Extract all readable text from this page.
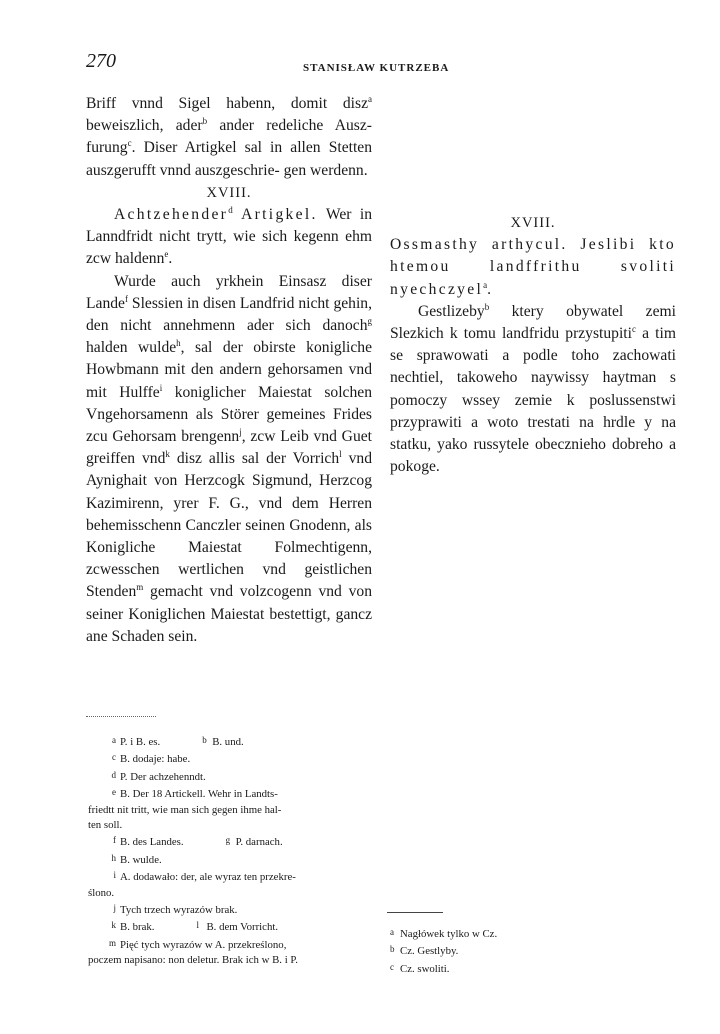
270	STANISŁAW KUTRZEBA

Briff vnnd Sigel habenn, domit disz$^a$ beweiszlich, ader$^b$ ander redeliche Ausz- furung$^c$. Diser Artigkel sal in allen Stetten auszgerufft vnnd auszgeschrie- gen werdenn.

XVIII.

Achtzehender$^d$ Artigkel. Wer in Lanndfridt nicht trytt, wie sich kegenn ehm zcw haldenn$^e$.

Wurde auch yrkhein Einsasz diser Lande$^f$ Slessien in disen Landfrid nicht gehin, den nicht annehmenn ader sich danoch$^g$ halden wulde$^h$, sal der obirste konigliche Howbmann mit den andern gehorsamen vnd mit Hulffe$^i$ koniglicher Maiestat solchen Vngehorsamenn als Störer gemeines Frides zcu Gehorsam brengenn$^j$, zcw Leib vnd Guet greiffen vnd$^k$ disz allis sal der Vorrich$^l$ vnd Aynighait von Herzcogk Sigmund, Herzcog Kazimirenn, yrer F. G., vnd dem Herren behemisschenn Canczler seinen Gnodenn, als Konigliche Maiestat Folmechtigenn, zcwesschen wertlichen vnd geistlichen Stenden$^m$ gemacht vnd volzcogenn vnd von seiner Koniglichen Maiestat bestettigt, gancz ane Schaden sein.

XVIII.

Ossmasthy arthycul. Jeslibi kto htemou landffrithu svoliti nyechczyel$^a$.

Gestlizeby$^b$ ktery obywatel zemi Slezkich k tomu landfridu przystupiti$^c$ a tim se sprawowati a podle toho zachowati nechtiel, takoweho naywissy haytman s pomoczy wssey zemie k poslussenstwi przyprawiti a woto trestati na hrdle y na statku, yako russytele obecznieho dobreho a pokoge.

a P. i B. es.	b B. und.
c B. dodaje: habe.
d P. Der achzehenndt.
e B. Der 18 Artickell. Wehr in Landts-
friedtt nit tritt, wie man sich gegen ihme hal-
ten soll.
f B. des Landes.	g P. darnach.
h B. wulde.
i A. dodawało: der, ale wyraz ten przekre-
ślono.
j Tych trzech wyrazów brak.
k B. brak.	l B. dem Vorricht.
m Pięć tych wyrazów w A. przekreślono,
poczem napisano: non deletur. Brak ich w B. i P.
a Nagłówek tylko w Cz.
b Cz. Gestlyby.
c Cz. swoliti.
